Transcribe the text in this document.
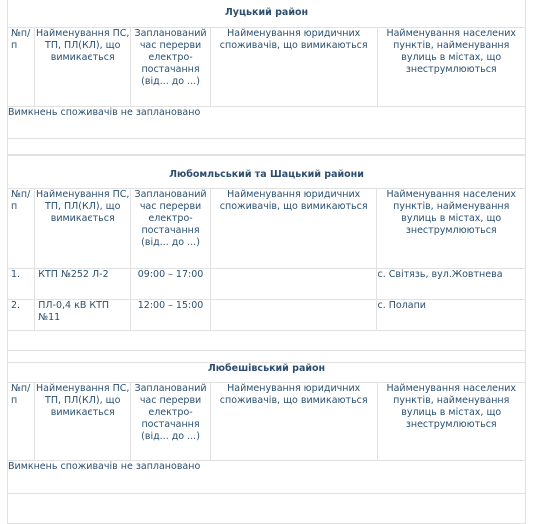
Луцький район
№п/п	Найменування ПС, ТП, ПЛ(КЛ), що вимикається	Запланований час перерви електро-постачання (від... до ...)	Найменування юридичних споживачів, що вимикаються	Найменування населених пунктів, найменування вулиць в містах, що знеструмлюються
Вимкнень споживачів не заплановано

Любомльський та Шацький райони				
№п/п	Найменування ПС, ТП, ПЛ(КЛ), що вимикається	Запланований час перерви електро-постачання (від... до ...)	Найменування юридичних споживачів, що вимикаються	Найменування населених пунктів, найменування вулиць в містах, що знеструмлюються
1.	КТП №252 Л-2	09:00 – 17:00		с. Світязь, вул.Жовтнева
2.	ПЛ-0,4 кВ КТП №11	12:00 – 15:00		с. Полапи

Любешівський район
№п/п	Найменування ПС, ТП, ПЛ(КЛ), що вимикається	Запланований час перерви електро-постачання (від... до ...)	Найменування юридичних споживачів, що вимикаються	Найменування населених пунктів, найменування вулиць в містах, що знеструмлюються
Вимкнень споживачів не заплановано
